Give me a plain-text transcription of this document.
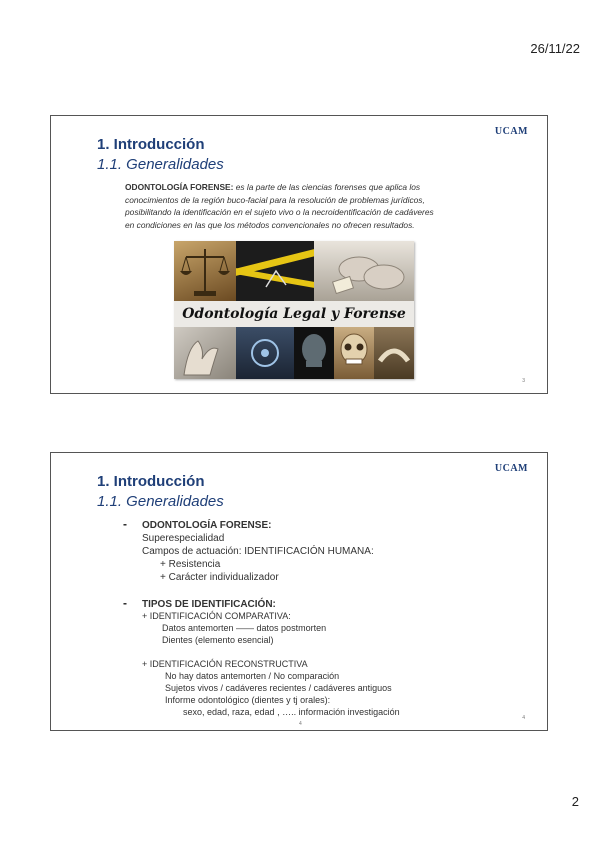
26/11/22
UCAM
1. Introducción
1.1. Generalidades
ODONTOLOGÍA FORENSE: es la parte de las ciencias forenses que aplica los
conocimientos de la región buco-facial para la resolución de problemas jurídicos,
posibilitando la identificación en el sujeto vivo o la necroidentificación de cadáveres
en condiciones en las que los métodos convencionales no ofrecen resultados.
Odontología Legal y Forense
3
UCAM
1. Introducción
1.1. Generalidades
- ODONTOLOGÍA FORENSE:
Superespecialidad
Campos de actuación: IDENTIFICACIÓN HUMANA:
+ Resistencia
+ Carácter individualizador
- TIPOS DE IDENTIFICACIÓN:
+ IDENTIFICACIÓN COMPARATIVA:
Datos antemorten —— datos postmorten
Dientes (elemento esencial)
+ IDENTIFICACIÓN RECONSTRUCTIVA
No hay datos antemorten / No comparación
Sujetos vivos / cadáveres recientes / cadáveres antiguos
Informe odontológico (dientes y tj orales):
sexo, edad, raza, edad , ….. información investigación
4
4
2
